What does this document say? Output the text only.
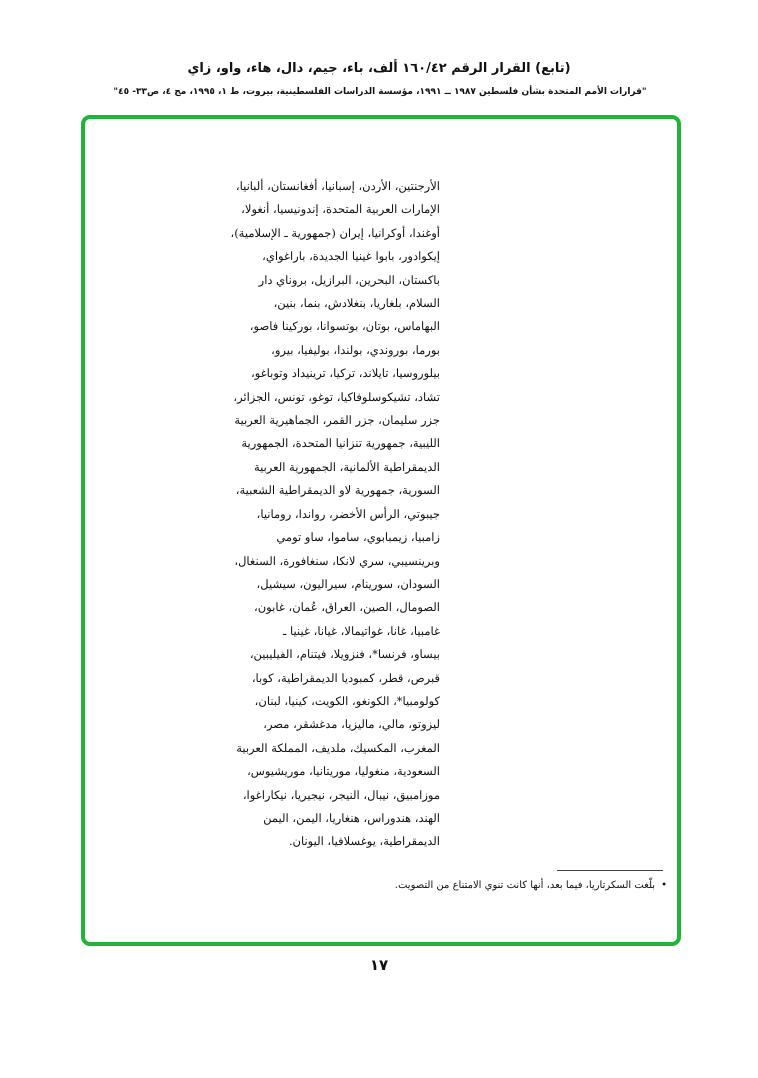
(تابع) القرار الرقم ١٦٠/٤٢ ألف، باء، جيم، دال، هاء، واو، زاي
"قرارات الأمم المتحدة بشأن فلسطين ١٩٨٧ ــ ١٩٩١، مؤسسة الدراسات الفلسطينية، بيروت، ط ١، ١٩٩٥، مج ٤، ص٣٣- ٤٥"
الأرجنتين، الأردن، إسبانيا، أفغانستان، ألبانيا،
الإمارات العربية المتحدة، إندونيسيا، أنغولا،
أوغندا، أوكرانيا، إيران (جمهورية ـ الإسلامية)،
إيكوادور، بابوا غينيا الجديدة، باراغواي،
باكستان، البحرين، البرازيل، بروناي دار
السلام، بلغاريا، بنغلادش، بنما، بنين،
البهاماس، بوتان، بوتسوانا، بوركينا فاصو،
بورما، بوروندي، بولندا، بوليفيا، بيرو،
بيلوروسيا، تايلاند، تركيا، ترينيداد وتوباغو،
تشاد، تشيكوسلوفاكيا، توغو، تونس، الجزائر،
جزر سليمان، جزر القمر، الجماهيرية العربية
الليبية، جمهورية تنزانيا المتحدة، الجمهورية
الديمقراطية الألمانية، الجمهورية العربية
السورية، جمهورية لاو الديمقراطية الشعبية،
جيبوتي، الرأس الأخضر، رواندا، رومانيا،
زامبيا، زيمبابوي، ساموا، ساو تومي
وبرينسيبي، سري لانكا، سنغافورة، السنغال،
السودان، سورينام، سيراليون، سيشيل،
الصومال، الصين، العراق، عُمان، غابون،
غامبيا، غانا، غواتيمالا، غيانا، غينيا ـ
بيساو، فرنسا*، فنزويلا، فيتنام، الفيليبين،
قبرص، قطر، كمبوديا الديمقراطية، كوبا،
كولومبيا*، الكونغو، الكويت، كينيا، لبنان،
ليزوتو، مالي، ماليزيا، مدغشقر، مصر،
المغرب، المكسيك، ملديف، المملكة العربية
السعودية، منغوليا، موريتانيا، موريشيوس،
موزامبيق، نيبال، النيجر، نيجيريا، نيكاراغوا،
الهند، هندوراس، هنغاريا، اليمن، اليمن
الديمقراطية، يوغسلافيا، اليونان.
•بلّغت السكرتاريا، فيما بعد، أنها كانت تنوي الامتناع من التصويت.
١٧
